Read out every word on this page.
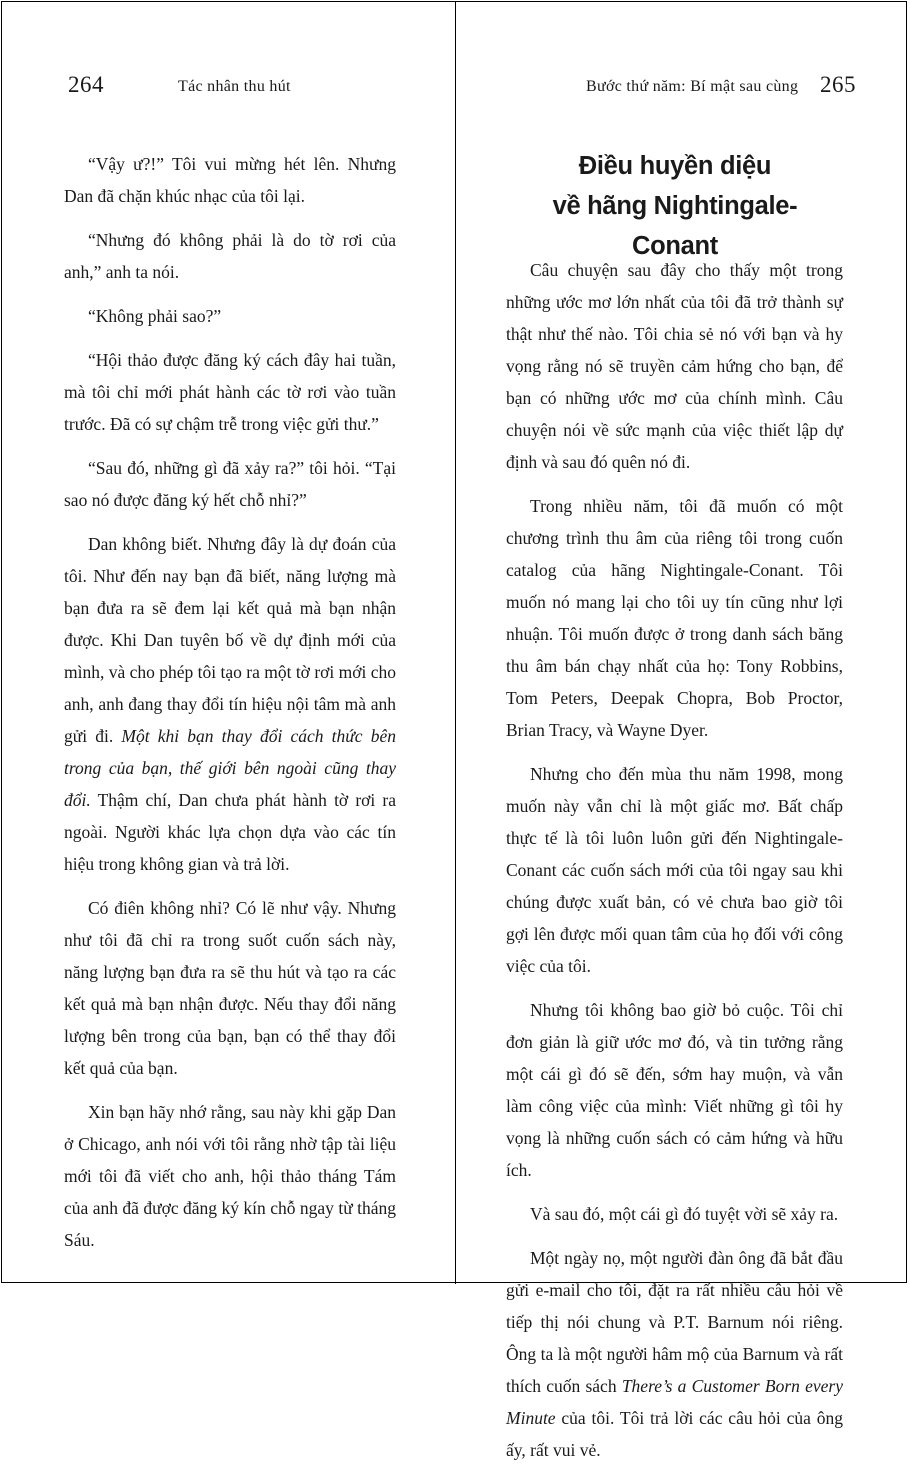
264	Tác nhân thu hút

“Vậy ư?!” Tôi vui mừng hét lên. Nhưng Dan đã chặn khúc nhạc của tôi lại.

“Nhưng đó không phải là do tờ rơi của anh,” anh ta nói.

“Không phải sao?”

“Hội thảo được đăng ký cách đây hai tuần, mà tôi chỉ mới phát hành các tờ rơi vào tuần trước. Đã có sự chậm trễ trong việc gửi thư.”

“Sau đó, những gì đã xảy ra?” tôi hỏi. “Tại sao nó được đăng ký hết chỗ nhỉ?”

Dan không biết. Nhưng đây là dự đoán của tôi. Như đến nay bạn đã biết, năng lượng mà bạn đưa ra sẽ đem lại kết quả mà bạn nhận được. Khi Dan tuyên bố về dự định mới của mình, và cho phép tôi tạo ra một tờ rơi mới cho anh, anh đang thay đổi tín hiệu nội tâm mà anh gửi đi. Một khi bạn thay đổi cách thức bên trong của bạn, thế giới bên ngoài cũng thay đổi. Thậm chí, Dan chưa phát hành tờ rơi ra ngoài. Người khác lựa chọn dựa vào các tín hiệu trong không gian và trả lời.

Có điên không nhỉ? Có lẽ như vậy. Nhưng như tôi đã chỉ ra trong suốt cuốn sách này, năng lượng bạn đưa ra sẽ thu hút và tạo ra các kết quả mà bạn nhận được. Nếu thay đổi năng lượng bên trong của bạn, bạn có thể thay đổi kết quả của bạn.

Xin bạn hãy nhớ rằng, sau này khi gặp Dan ở Chicago, anh nói với tôi rằng nhờ tập tài liệu mới tôi đã viết cho anh, hội thảo tháng Tám của anh đã được đăng ký kín chỗ ngay từ tháng Sáu.

Bước thứ năm: Bí mật sau cùng 265
Điều huyền diệu
về hãng Nightingale-Conant

Câu chuyện sau đây cho thấy một trong những ước mơ lớn nhất của tôi đã trở thành sự thật như thế nào. Tôi chia sẻ nó với bạn và hy vọng rằng nó sẽ truyền cảm hứng cho bạn, để bạn có những ước mơ của chính mình. Câu chuyện nói về sức mạnh của việc thiết lập dự định và sau đó quên nó đi.

Trong nhiều năm, tôi đã muốn có một chương trình thu âm của riêng tôi trong cuốn catalog của hãng Nightingale-Conant. Tôi muốn nó mang lại cho tôi uy tín cũng như lợi nhuận. Tôi muốn được ở trong danh sách băng thu âm bán chạy nhất của họ: Tony Robbins, Tom Peters, Deepak Chopra, Bob Proctor, Brian Tracy, và Wayne Dyer.

Nhưng cho đến mùa thu năm 1998, mong muốn này vẫn chỉ là một giấc mơ. Bất chấp thực tế là tôi luôn luôn gửi đến Nightingale-Conant các cuốn sách mới của tôi ngay sau khi chúng được xuất bản, có vẻ chưa bao giờ tôi gợi lên được mối quan tâm của họ đối với công việc của tôi.

Nhưng tôi không bao giờ bỏ cuộc. Tôi chỉ đơn giản là giữ ước mơ đó, và tin tưởng rằng một cái gì đó sẽ đến, sớm hay muộn, và vẫn làm công việc của mình: Viết những gì tôi hy vọng là những cuốn sách có cảm hứng và hữu ích.

Và sau đó, một cái gì đó tuyệt vời sẽ xảy ra.

Một ngày nọ, một người đàn ông đã bắt đầu gửi e-mail cho tôi, đặt ra rất nhiều câu hỏi về tiếp thị nói chung và P.T. Barnum nói riêng. Ông ta là một người hâm mộ của Barnum và rất thích cuốn sách There’s a Customer Born every Minute của tôi. Tôi trả lời các câu hỏi của ông ấy, rất vui vẻ.
